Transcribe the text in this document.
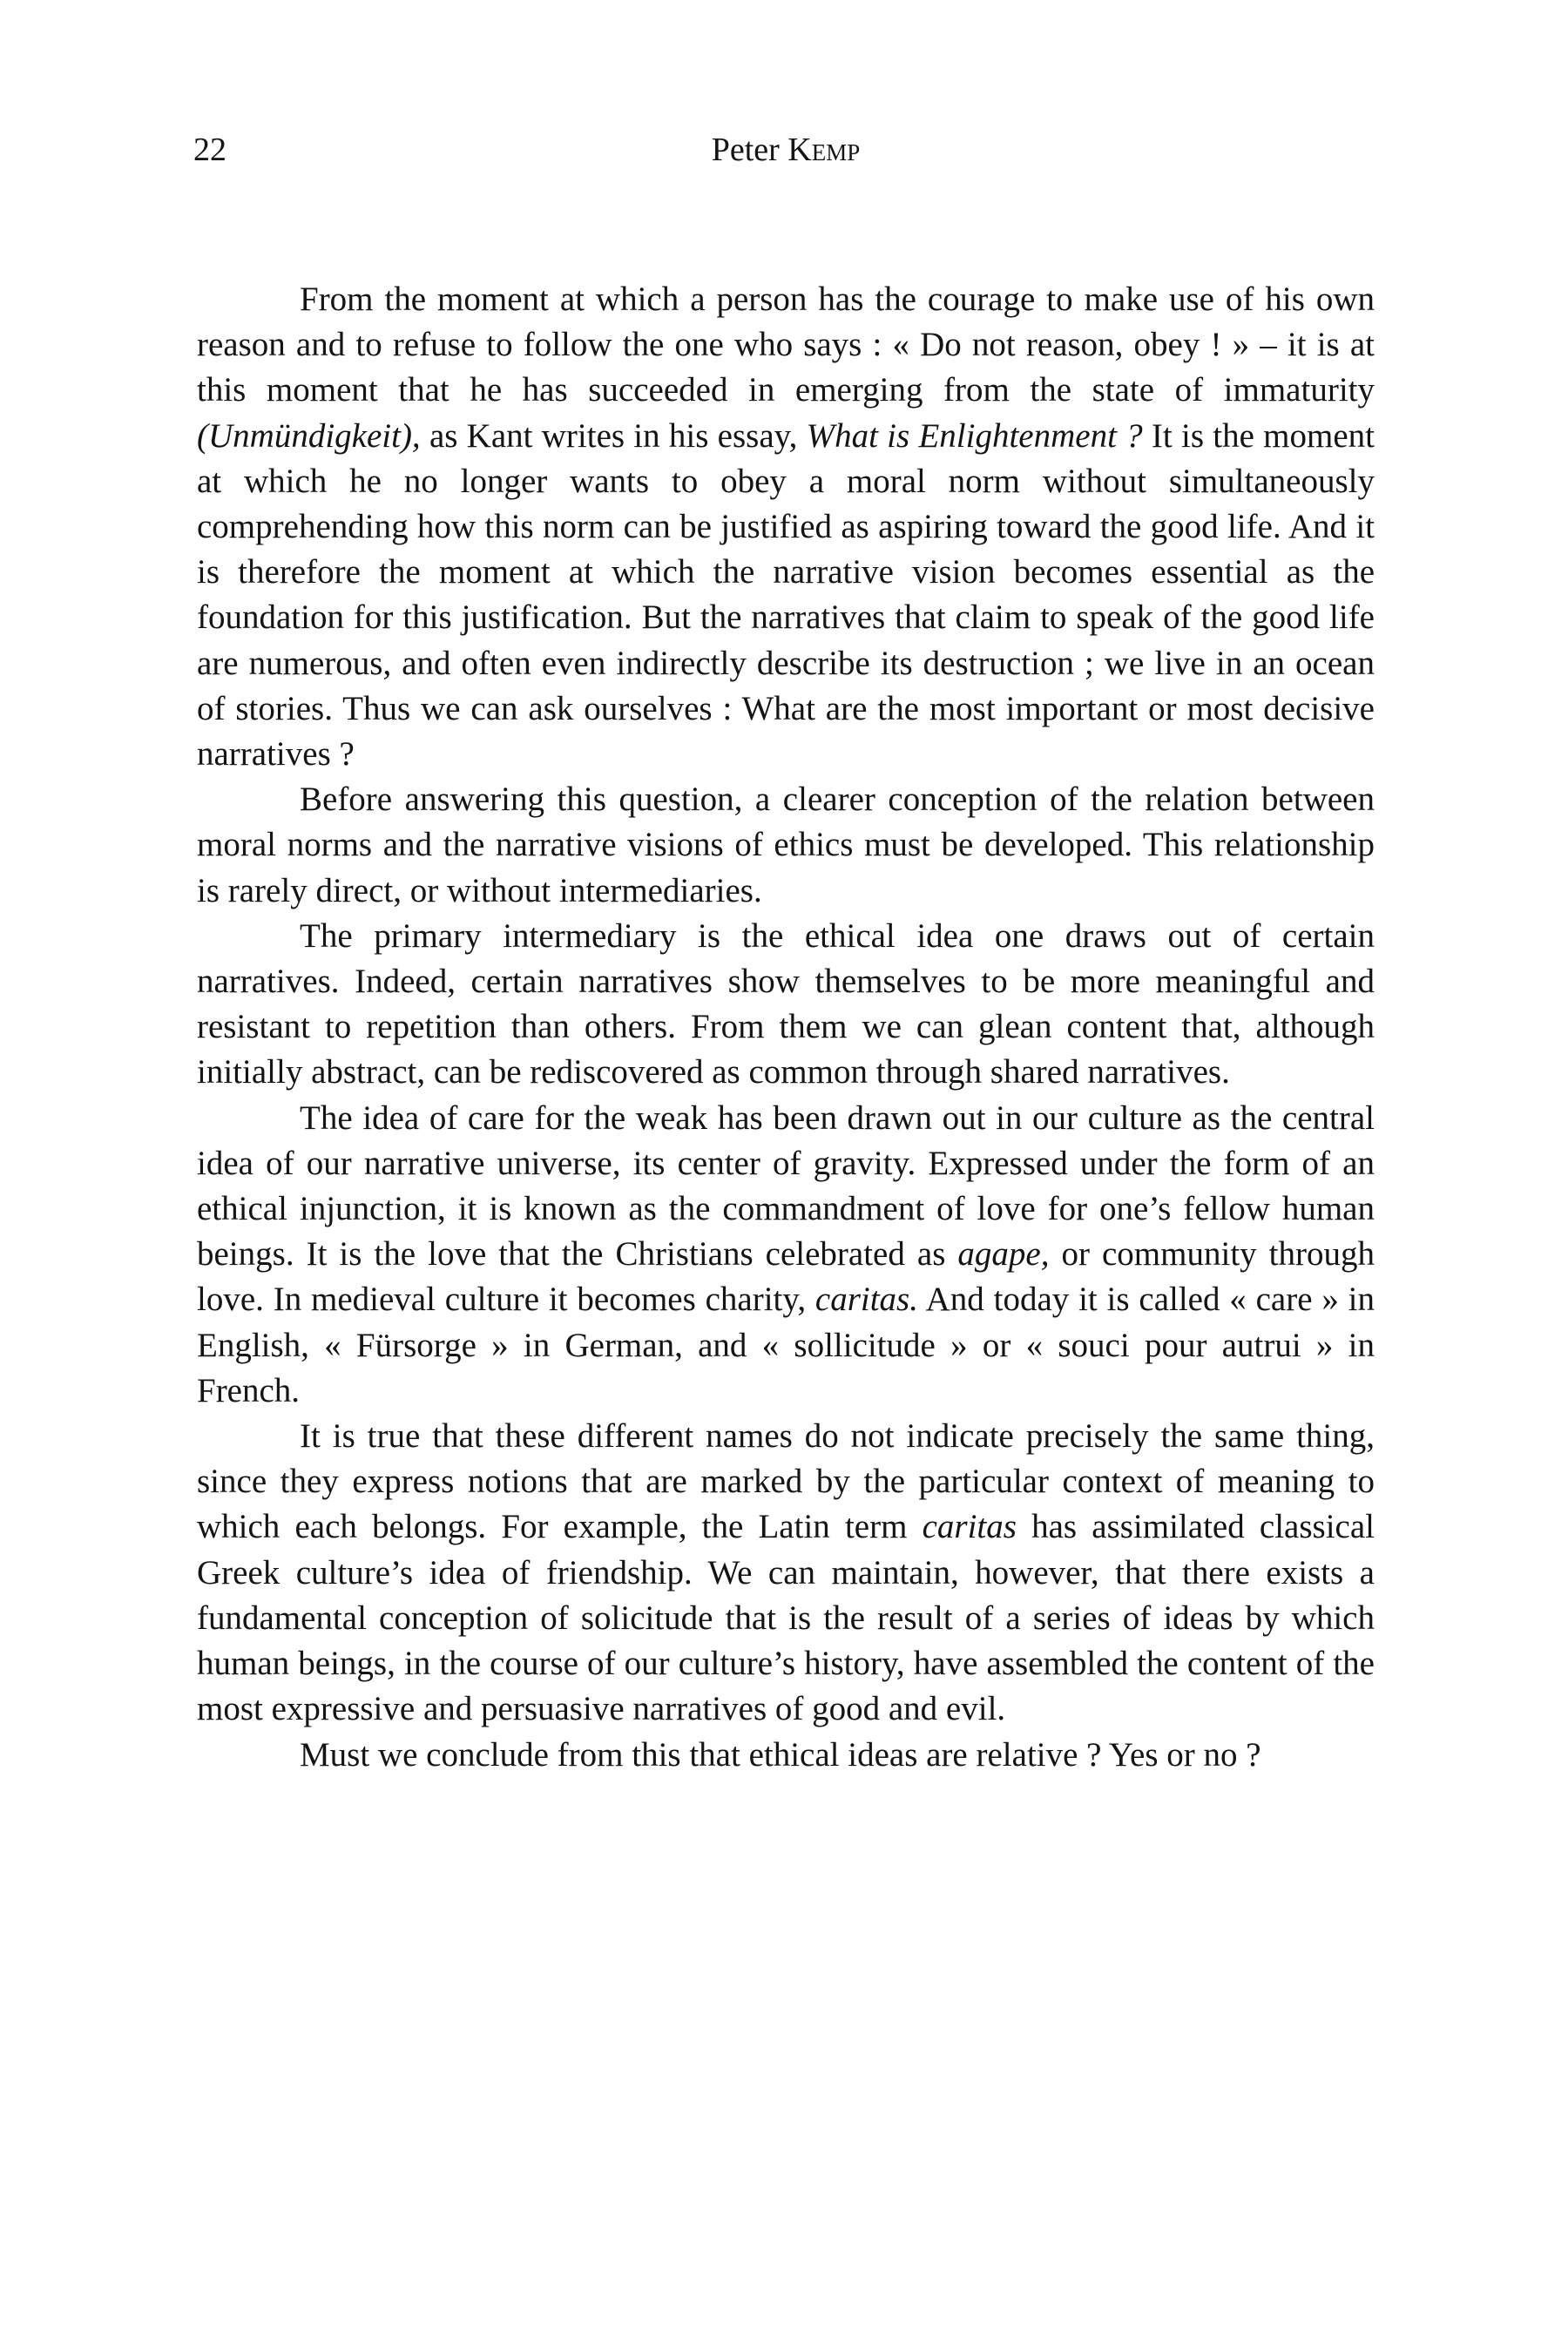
22	Peter Kemp

From the moment at which a person has the courage to make use of his own reason and to refuse to follow the one who says : « Do not reason, obey ! » – it is at this moment that he has succeeded in emerging from the state of immaturity (Unmündigkeit), as Kant writes in his essay, What is Enlightenment ? It is the moment at which he no longer wants to obey a moral norm without simultaneously comprehending how this norm can be justified as aspiring toward the good life. And it is therefore the moment at which the narrative vision becomes essential as the foundation for this justification. But the narratives that claim to speak of the good life are numerous, and often even indirectly describe its destruction ; we live in an ocean of stories. Thus we can ask ourselves : What are the most important or most decisive narratives ?

Before answering this question, a clearer conception of the relation between moral norms and the narrative visions of ethics must be developed. This relationship is rarely direct, or without intermediaries.

The primary intermediary is the ethical idea one draws out of certain narratives. Indeed, certain narratives show themselves to be more meaningful and resistant to repetition than others. From them we can glean content that, although initially abstract, can be rediscovered as common through shared narratives.

The idea of care for the weak has been drawn out in our culture as the central idea of our narrative universe, its center of gravity. Expressed under the form of an ethical injunction, it is known as the commandment of love for one’s fellow human beings. It is the love that the Christians celebrated as agape, or community through love. In medieval culture it becomes charity, caritas. And today it is called « care » in English, « Fürsorge » in German, and « sollicitude » or « souci pour autrui » in French.

It is true that these different names do not indicate precisely the same thing, since they express notions that are marked by the particular context of meaning to which each belongs. For example, the Latin term caritas has assimilated classical Greek culture’s idea of friendship. We can maintain, however, that there exists a fundamental conception of solicitude that is the result of a series of ideas by which human beings, in the course of our culture’s history, have assembled the content of the most expressive and persuasive narratives of good and evil.

Must we conclude from this that ethical ideas are relative ? Yes or no ?
